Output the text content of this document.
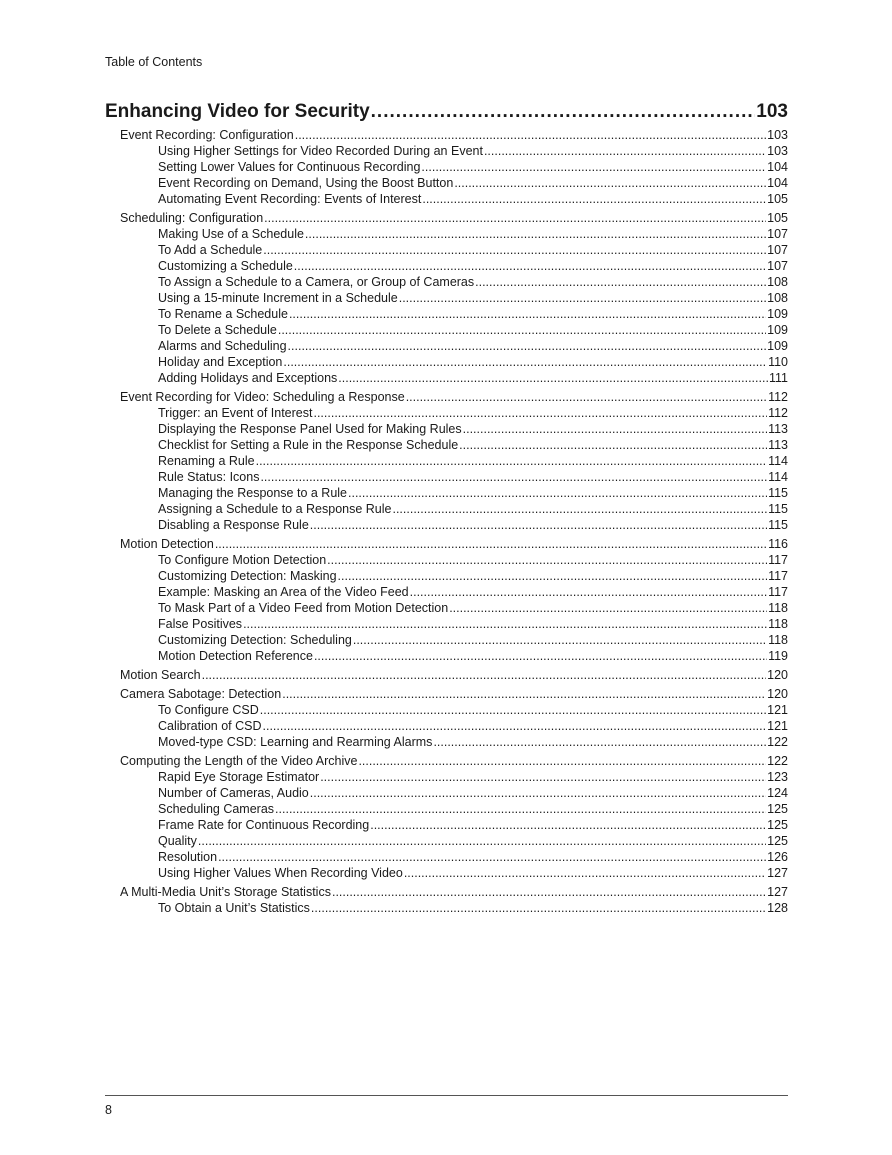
Table of Contents
Enhancing Video for Security .....	103
Event Recording: Configuration .....	103
Using Higher Settings for Video Recorded During an Event .....	103
Setting Lower Values for Continuous Recording .....	104
Event Recording on Demand, Using the Boost Button .....	104
Automating Event Recording: Events of Interest .....	105
Scheduling: Configuration .....	105
Making Use of a Schedule .....	107
To Add a Schedule .....	107
Customizing a Schedule .....	107
To Assign a Schedule to a Camera, or Group of Cameras .....	108
Using a 15-minute Increment in a Schedule .....	108
To Rename a Schedule .....	109
To Delete a Schedule .....	109
Alarms and Scheduling .....	109
Holiday and Exception .....	110
Adding Holidays and Exceptions .....	111
Event Recording for Video: Scheduling a Response .....	112
Trigger: an Event of Interest .....	112
Displaying the Response Panel Used for Making Rules .....	113
Checklist for Setting a Rule in the Response Schedule .....	113
Renaming a Rule .....	114
Rule Status: Icons .....	114
Managing the Response to a Rule .....	115
Assigning a Schedule to a Response Rule .....	115
Disabling a Response Rule .....	115
Motion Detection .....	116
To Configure Motion Detection .....	117
Customizing Detection: Masking .....	117
Example: Masking an Area of the Video Feed .....	117
To Mask Part of a Video Feed from Motion Detection .....	118
False Positives .....	118
Customizing Detection: Scheduling .....	118
Motion Detection Reference .....	119
Motion Search .....	120
Camera Sabotage: Detection .....	120
To Configure CSD .....	121
Calibration of CSD .....	121
Moved-type CSD: Learning and Rearming Alarms .....	122
Computing the Length of the Video Archive .....	122
Rapid Eye Storage Estimator .....	123
Number of Cameras, Audio .....	124
Scheduling Cameras .....	125
Frame Rate for Continuous Recording .....	125
Quality .....	125
Resolution .....	126
Using Higher Values When Recording Video .....	127
A Multi-Media Unit’s Storage Statistics .....	127
To Obtain a Unit’s Statistics .....	128
8
